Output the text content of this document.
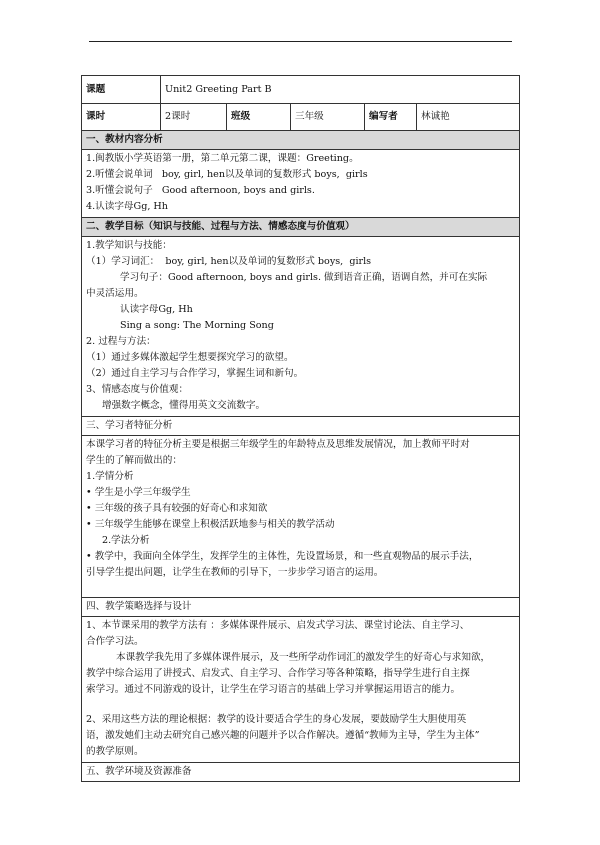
课题	Unit2 Greeting Part B
课时	2课时	班级	三年级	编写者	林诚艳
一、教材内容分析
1.闽教版小学英语第一册，第二单元第二课，课题：Greeting。
2.听懂会说单词   boy, girl, hen以及单词的复数形式 boys,  girls
3.听懂会说句子   Good afternoon, boys and girls.
4.认读字母Gg, Hh
二、教学目标（知识与技能、过程与方法、情感态度与价值观）
1.教学知识与技能：
（1）学习词汇：  boy, girl, hen以及单词的复数形式 boys,  girls
学习句子：Good afternoon, boys and girls. 做到语音正确，语调自然，并可在实际
中灵活运用。
认读字母Gg, Hh
Sing a song: The Morning Song
2. 过程与方法：
（1）通过多媒体激起学生想要探究学习的欲望。
（2）通过自主学习与合作学习，掌握生词和新句。
3、情感态度与价值观：
增强数字概念，懂得用英文交流数字。
三、学习者特征分析
本课学习者的特征分析主要是根据三年级学生的年龄特点及思维发展情况，加上教师平时对
学生的了解而做出的：
1.学情分析
• 学生是小学三年级学生
• 三年级的孩子具有较强的好奇心和求知欲
• 三年级学生能够在课堂上积极活跃地参与相关的教学活动
2.学法分析
• 教学中，我面向全体学生，发挥学生的主体性，先设置场景，和一些直观物品的展示手法，
引导学生提出问题，让学生在教师的引导下，一步步学习语言的运用。
四、教学策略选择与设计
1、本节课采用的教学方法有 ：多媒体课件展示、启发式学习法、课堂讨论法、自主学习、
合作学习法。
本课教学我先用了多媒体课件展示，及一些所学动作词汇的激发学生的好奇心与求知欲，
教学中综合运用了讲授式、启发式、自主学习、合作学习等各种策略，指导学生进行自主探
索学习。通过不同游戏的设计，让学生在学习语言的基础上学习并掌握运用语言的能力。
2、采用这些方法的理论根据：教学的设计要适合学生的身心发展，要鼓励学生大胆使用英
语，激发她们主动去研究自己感兴趣的问题并予以合作解决。遵循“教师为主导，学生为主体”
的教学原则。
五、教学环境及资源准备
